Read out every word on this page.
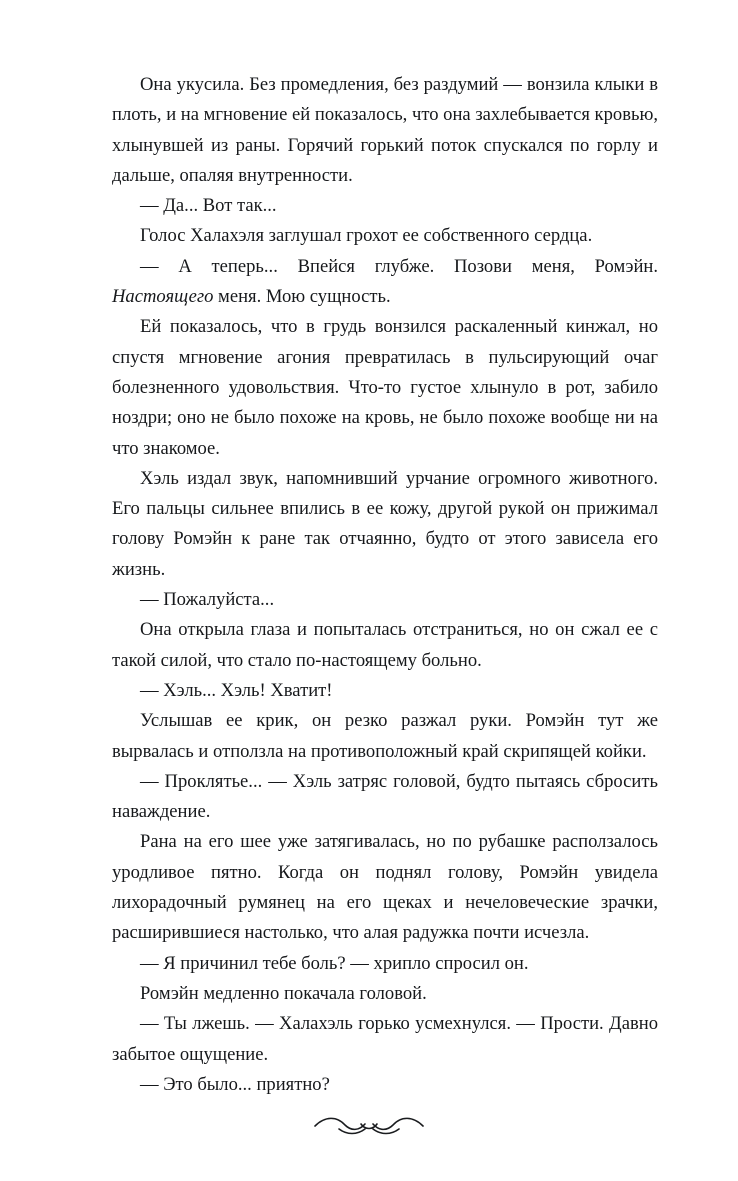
Она укусила. Без промедления, без раздумий — вонзила клыки в плоть, и на мгновение ей показалось, что она захлебывается кровью, хлынувшей из раны. Горячий горький поток спускался по горлу и дальше, опаляя внутренности.

— Да... Вот так...

Голос Халахэля заглушал грохот ее собственного сердца.

— А теперь... Впейся глубже. Позови меня, Ромэйн. Настоящего меня. Мою сущность.

Ей показалось, что в грудь вонзился раскаленный кинжал, но спустя мгновение агония превратилась в пульсирующий очаг болезненного удовольствия. Что-то густое хлынуло в рот, забило ноздри; оно не было похоже на кровь, не было похоже вообще ни на что знакомое.

Хэль издал звук, напомнивший урчание огромного животного. Его пальцы сильнее впились в ее кожу, другой рукой он прижимал голову Ромэйн к ране так отчаянно, будто от этого зависела его жизнь.

— Пожалуйста...

Она открыла глаза и попыталась отстраниться, но он сжал ее с такой силой, что стало по-настоящему больно.

— Хэль... Хэль! Хватит!

Услышав ее крик, он резко разжал руки. Ромэйн тут же вырвалась и отползла на противоположный край скрипящей койки.

— Проклятье... — Хэль затряс головой, будто пытаясь сбросить наваждение.

Рана на его шее уже затягивалась, но по рубашке расползалось уродливое пятно. Когда он поднял голову, Ромэйн увидела лихорадочный румянец на его щеках и нечеловеческие зрачки, расширившиеся настолько, что алая радужка почти исчезла.

— Я причинил тебе боль? — хрипло спросил он.

Ромэйн медленно покачала головой.

— Ты лжешь. — Халахэль горько усмехнулся. — Прости. Давно забытое ощущение.

— Это было... приятно?
